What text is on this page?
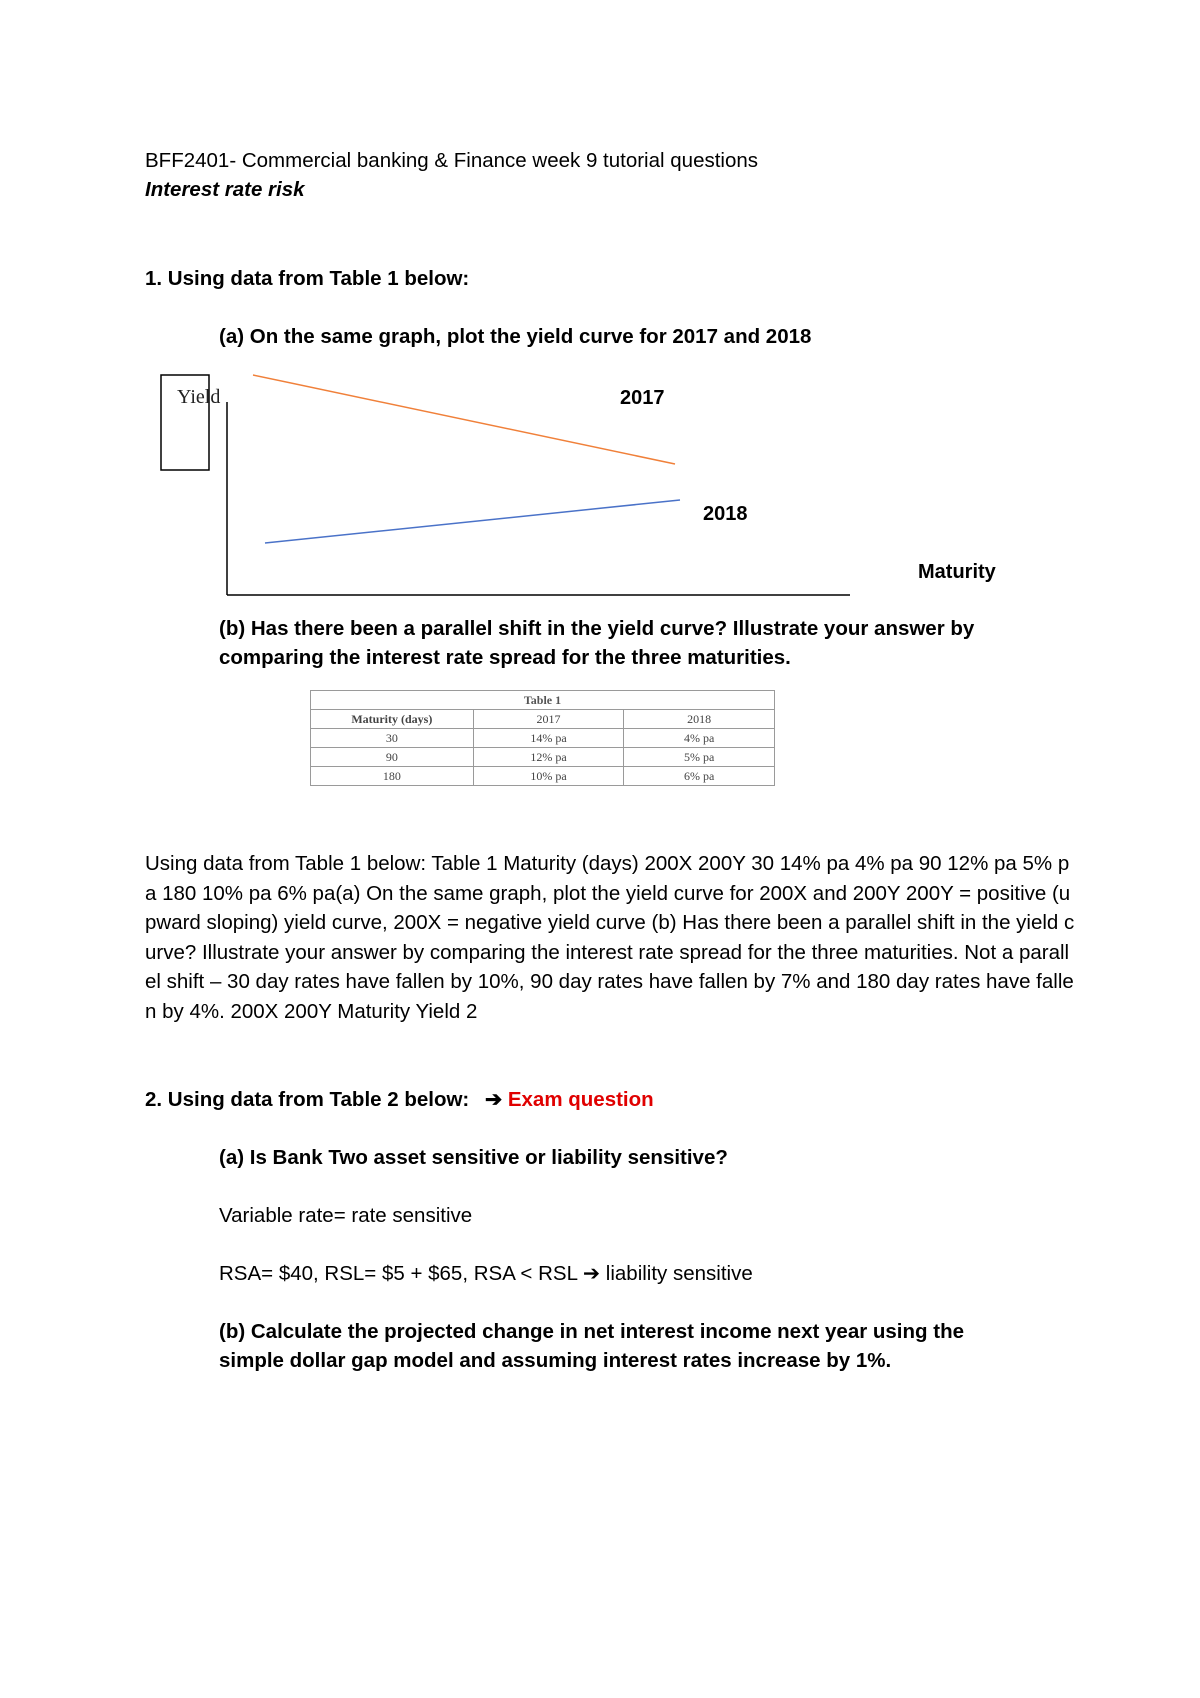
BFF2401- Commercial banking & Finance week 9 tutorial questions
Interest rate risk
1. Using data from Table 1 below:
(a) On the same graph, plot the yield curve for 2017 and 2018
Yield	2017
2018
Maturity
(b) Has there been a parallel shift in the yield curve? Illustrate your answer by
comparing the interest rate spread for the three maturities.
Table 1		
Maturity (days)	2017	2018
30	14% pa	4% pa
90	12% pa	5% pa
180	10% pa	6% pa
Using data from Table 1 below: Table 1 Maturity (days) 200X 200Y 30 14% pa 4% pa 90 12% pa 5% pa 180 10% pa 6% pa(a) On the same graph, plot the yield curve for 200X and 200Y 200Y = positive (upward sloping) yield curve, 200X = negative yield curve (b) Has there been a parallel shift in the yield curve? Illustrate your answer by comparing the interest rate spread for the three maturities. Not a parallel shift – 30 day rates have fallen by 10%, 90 day rates have fallen by 7% and 180 day rates have fallen by 4%. 200X 200Y Maturity Yield 2
2. Using data from Table 2 below: ➔ Exam question
(a) Is Bank Two asset sensitive or liability sensitive?
Variable rate= rate sensitive
RSA= $40, RSL= $5 + $65, RSA < RSL ➔ liability sensitive
(b) Calculate the projected change in net interest income next year using the
simple dollar gap model and assuming interest rates increase by 1%.
